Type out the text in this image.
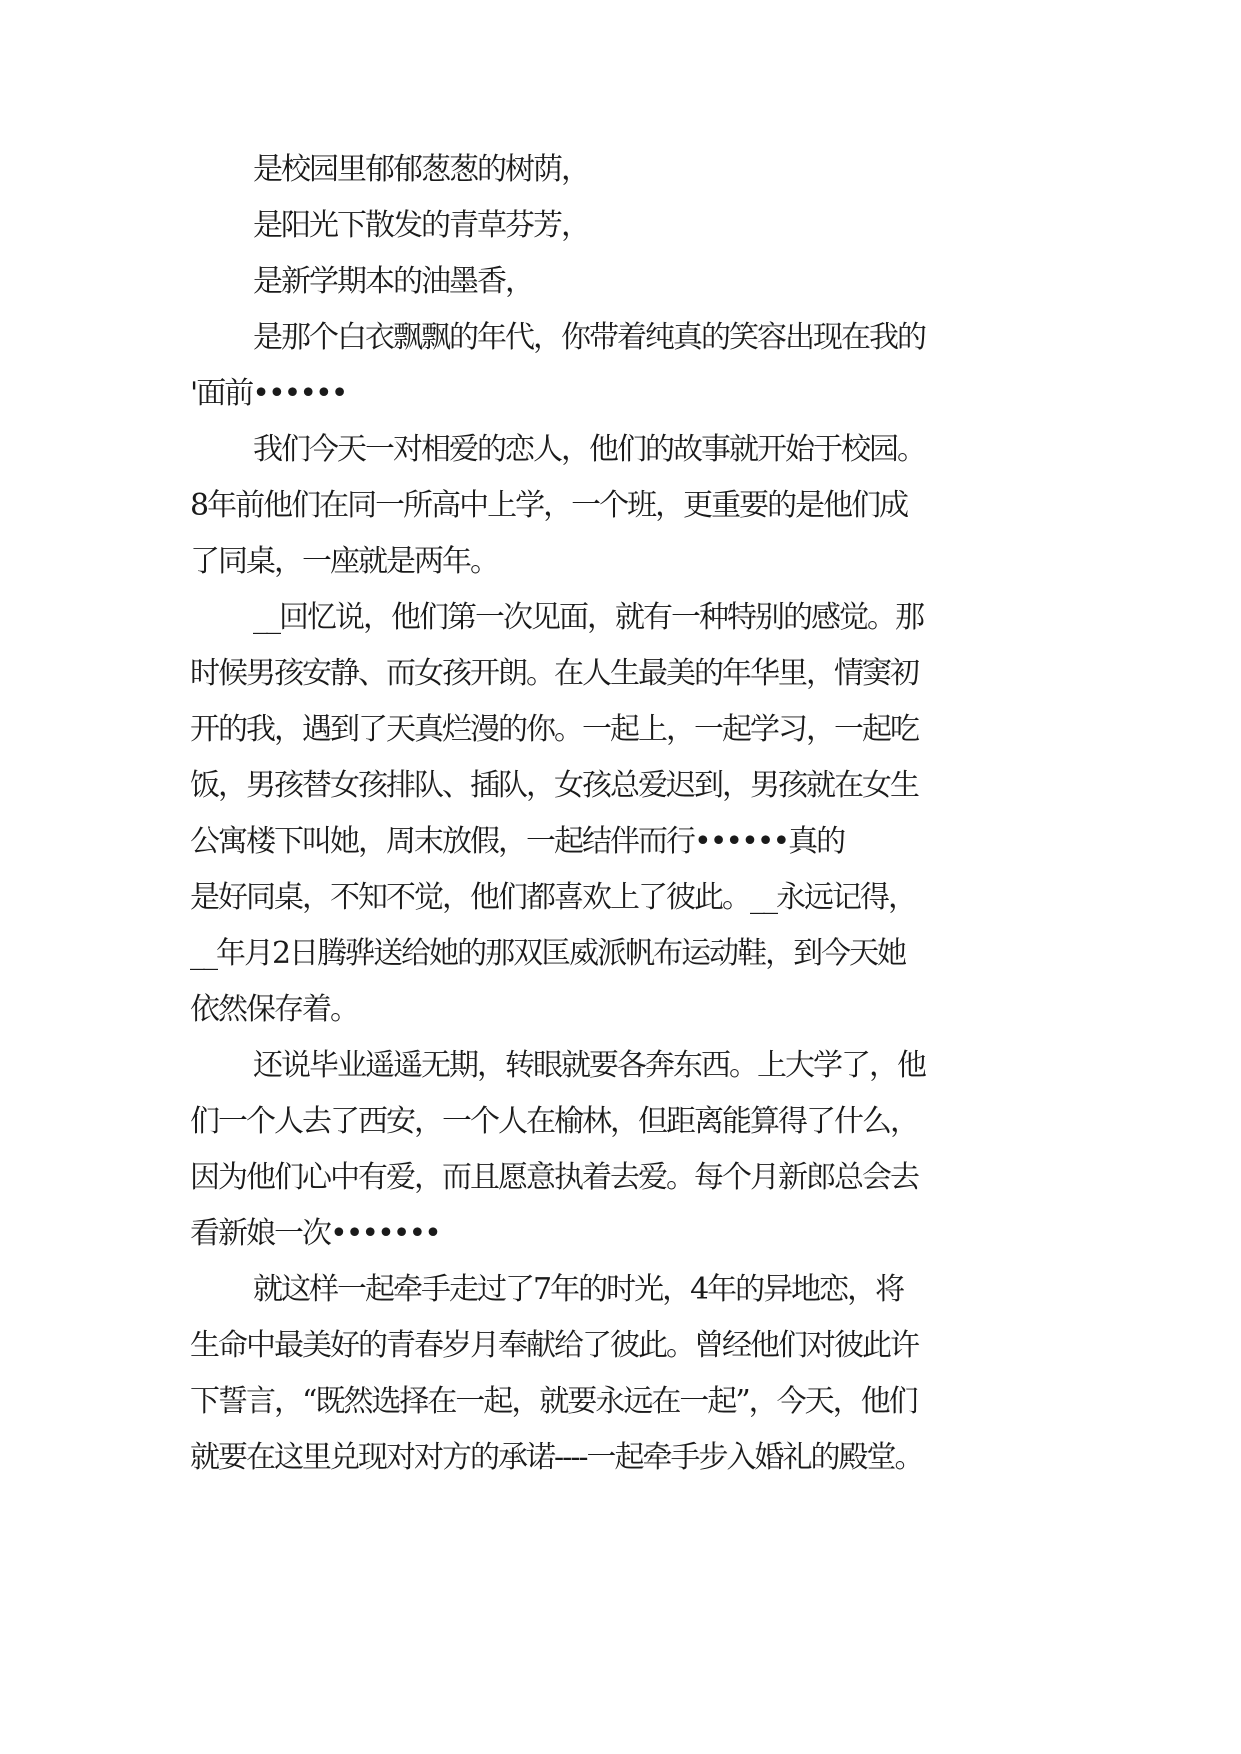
是校园里郁郁葱葱的树荫，
是阳光下散发的青草芬芳，
是新学期本的油墨香，
是那个白衣飘飘的年代，你带着纯真的笑容出现在我的
'面前••••••
我们今天一对相爱的恋人，他们的故事就开始于校园。
8年前他们在同一所高中上学，一个班，更重要的是他们成
了同桌，一座就是两年。
__回忆说，他们第一次见面，就有一种特别的感觉。那
时候男孩安静、而女孩开朗。在人生最美的年华里，情窦初
开的我，遇到了天真烂漫的你。一起上，一起学习，一起吃
饭，男孩替女孩排队、插队，女孩总爱迟到，男孩就在女生
公寓楼下叫她，周末放假，一起结伴而行••••••真的
是好同桌，不知不觉，他们都喜欢上了彼此。__永远记得，
__年月2日腾骅送给她的那双匡威派帆布运动鞋，到今天她
依然保存着。
还说毕业遥遥无期，转眼就要各奔东西。上大学了，他
们一个人去了西安，一个人在榆林，但距离能算得了什么，
因为他们心中有爱，而且愿意执着去爱。每个月新郎总会去
看新娘一次•••••••
就这样一起牵手走过了7年的时光，4年的异地恋，将
生命中最美好的青春岁月奉献给了彼此。曾经他们对彼此许
下誓言，“既然选择在一起，就要永远在一起”，今天，他们
就要在这里兑现对对方的承诺----一起牵手步入婚礼的殿堂。
